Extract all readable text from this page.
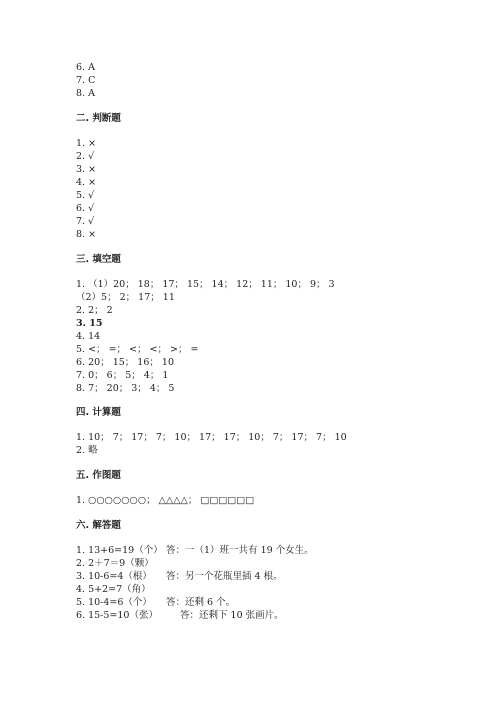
6. A
7. C
8. A
二. 判断题
1. ×
2. √
3. ×
4. ×
5. √
6. √
7. √
8. ×
三. 填空题
1. （1）20； 18； 17； 15； 14； 12； 11； 10； 9； 3
（2）5； 2； 17； 11
2. 2； 2
3. 15
4. 14
5. <； =； <； <； >； =
6. 20； 15； 16； 10
7. 0； 6； 5； 4； 1
8. 7； 20； 3； 4； 5
四. 计算题
1. 10； 7； 17； 7； 10； 17； 17； 10； 7； 17； 7； 10
2. 略
五. 作图题
1. ○○○○○○○； △△△△； □□□□□□
六. 解答题
1. 13+6=19（个） 答：一（1）班一共有 19 个女生。
2. 2＋7＝9（颗）
3. 10-6=4（根） 答：另一个花瓶里插 4 根。
4. 5+2=7（角）
5. 10-4=6（个） 答：还剩 6 个。
6. 15-5=10（张） 答：还剩下 10 张画片。
